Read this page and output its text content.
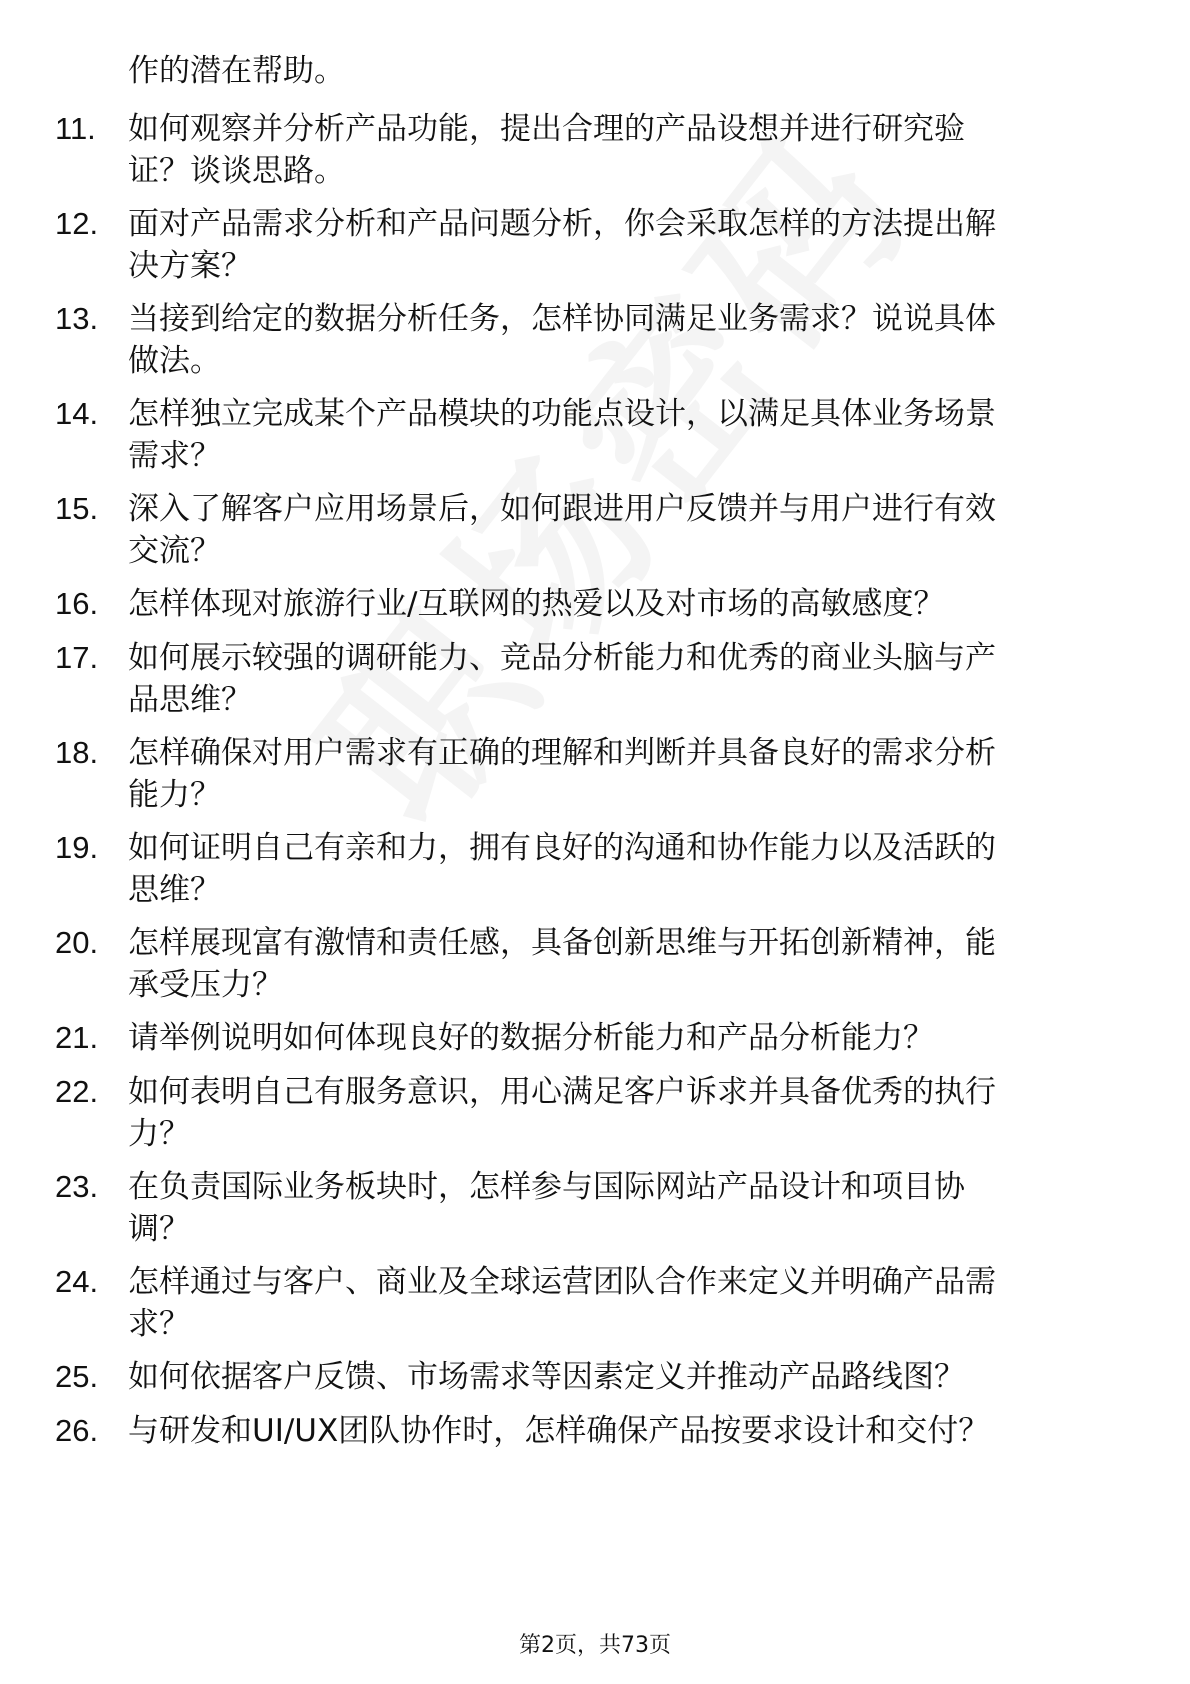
作的潜在帮助。
11. 如何观察并分析产品功能，提出合理的产品设想并进行研究验
证？谈谈思路。
12. 面对产品需求分析和产品问题分析，你会采取怎样的方法提出解
决方案？
13. 当接到给定的数据分析任务，怎样协同满足业务需求？说说具体
做法。
14. 怎样独立完成某个产品模块的功能点设计，以满足具体业务场景
需求？
15. 深入了解客户应用场景后，如何跟进用户反馈并与用户进行有效
交流？
16. 怎样体现对旅游行业/互联网的热爱以及对市场的高敏感度？
17. 如何展示较强的调研能力、竞品分析能力和优秀的商业头脑与产
品思维？
18. 怎样确保对用户需求有正确的理解和判断并具备良好的需求分析
能力？
19. 如何证明自己有亲和力，拥有良好的沟通和协作能力以及活跃的
思维？
20. 怎样展现富有激情和责任感，具备创新思维与开拓创新精神，能
承受压力？
21. 请举例说明如何体现良好的数据分析能力和产品分析能力？
22. 如何表明自己有服务意识，用心满足客户诉求并具备优秀的执行
力？
23. 在负责国际业务板块时，怎样参与国际网站产品设计和项目协
调？
24. 怎样通过与客户、商业及全球运营团队合作来定义并明确产品需
求？
25. 如何依据客户反馈、市场需求等因素定义并推动产品路线图？
26. 与研发和UI/UX团队协作时，怎样确保产品按要求设计和交付？
第2页，共73页
